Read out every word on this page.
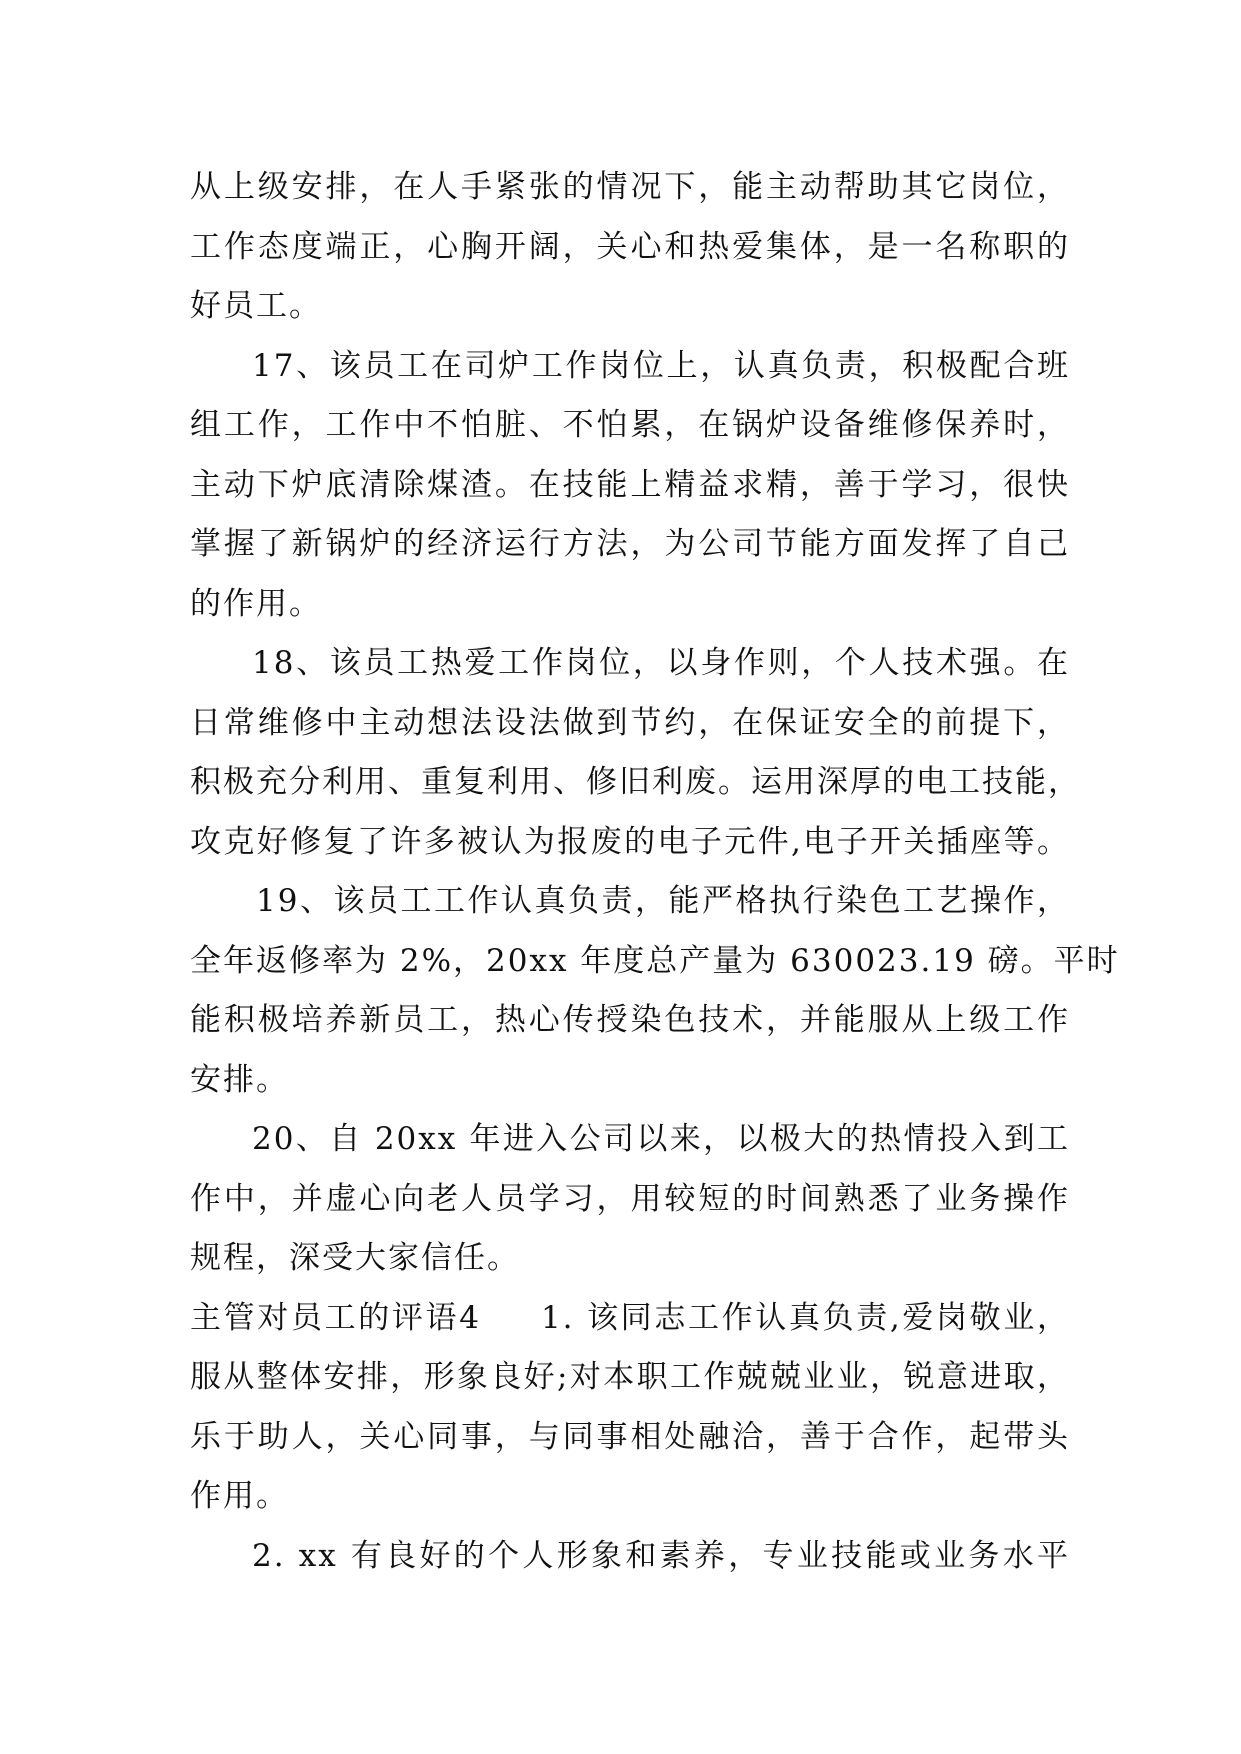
从上级安排，在人手紧张的情况下，能主动帮助其它岗位，
工作态度端正，心胸开阔，关心和热爱集体，是一名称职的
好员工。
17、该员工在司炉工作岗位上，认真负责，积极配合班
组工作，工作中不怕脏、不怕累，在锅炉设备维修保养时，
主动下炉底清除煤渣。在技能上精益求精，善于学习，很快
掌握了新锅炉的经济运行方法，为公司节能方面发挥了自己
的作用。
18、该员工热爱工作岗位，以身作则，个人技术强。在
日常维修中主动想法设法做到节约，在保证安全的前提下，
积极充分利用、重复利用、修旧利废。运用深厚的电工技能，
攻克好修复了许多被认为报废的电子元件,电子开关插座等。
19、该员工工作认真负责，能严格执行染色工艺操作，
全年返修率为 2%，20xx 年度总产量为 630023.19 磅。平时
能积极培养新员工，热心传授染色技术，并能服从上级工作
安排。
20、自 20xx 年进入公司以来，以极大的热情投入到工
作中，并虚心向老人员学习，用较短的时间熟悉了业务操作
规程，深受大家信任。
主管对员工的评语4 1. 该同志工作认真负责,爱岗敬业，
服从整体安排，形象良好;对本职工作兢兢业业，锐意进取，
乐于助人，关心同事，与同事相处融洽，善于合作，起带头
作用。
2. xx 有良好的个人形象和素养，专业技能或业务水平
